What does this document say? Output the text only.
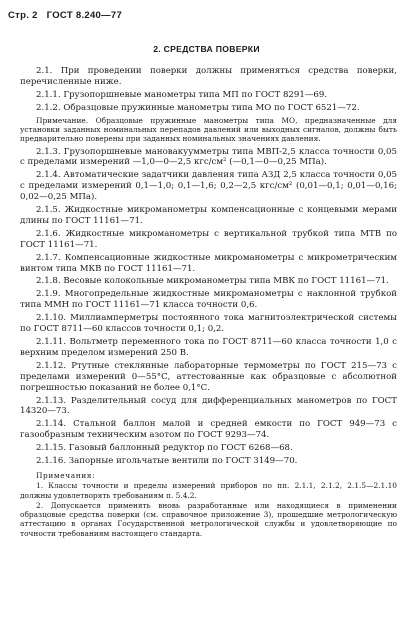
Стр. 2 ГОСТ 8.240—77
2. СРЕДСТВА ПОВЕРКИ

2.1. При проведении поверки должны применяться средства поверки, перечисленные ниже.

2.1.1. Грузопоршневые манометры типа МП по ГОСТ 8291—69.

2.1.2. Образцовые пружинные манометры типа МО по ГОСТ 6521—72.

Примечание. Образцовые пружинные манометры типа МО, предназначенные для установки заданных номинальных перепадов давлений или выходных сигналов, должны быть предварительно поверены при заданных номинальных значениях давления.

2.1.3. Грузопоршневые мановакуумметры типа МВП-2,5 класса точности 0,05 с пределами измерений —1,0—0—2,5 кгс/см² (—0,1—0—0,25 МПа).

2.1.4. Автоматические задатчики давления типа АЗД 2,5 класса точности 0,05 с пределами измерений 0,1—1,0; 0,1—1,6; 0,2—2,5 кгс/см² (0,01—0,1; 0,01—0,16; 0,02—0,25 МПа).

2.1.5. Жидкостные микроманометры компенсационные с концевыми мерами длины по ГОСТ 11161—71.

2.1.6. Жидкостные микроманометры с вертикальной трубкой типа МТВ по ГОСТ 11161—71.

2.1.7. Компенсационные жидкостные микроманометры с микрометрическим винтом типа МКВ по ГОСТ 11161—71.

2.1.8. Весовые колокольные микроманометры типа МВК по ГОСТ 11161—71.

2.1.9. Многопредельные жидкостные микроманометры с наклонной трубкой типа ММН по ГОСТ 11161—71 класса точности 0,6.

2.1.10. Миллиамперметры постоянного тока магнитоэлектрической системы по ГОСТ 8711—60 классов точности 0,1; 0,2.

2.1.11. Вольтметр переменного тока по ГОСТ 8711—60 класса точности 1,0 с верхним пределом измерений 250 В.

2.1.12. Ртутные стеклянные лабораторные термометры по ГОСТ 215—73 с пределами измерений 0—55°С, аттестованные как образцовые с абсолютной погрешностью показаний не более 0,1°С.

2.1.13. Разделительный сосуд для дифференциальных манометров по ГОСТ 14320—73.

2.1.14. Стальной баллон малой и средней емкости по ГОСТ 949—73 с газообразным техническим азотом по ГОСТ 9293—74.

2.1.15. Газовый баллонный редуктор по ГОСТ 6268—68.

2.1.16. Запорные игольчатые вентили по ГОСТ 3149—70.

Примечания:

1. Классы точности и пределы измерений приборов по пп. 2.1.1, 2.1.2, 2.1.5—2.1.10 должны удовлетворять требованиям п. 5.4.2.

2. Допускается применять вновь разработанные или находящиеся в применении образцовые средства поверки (см. справочное приложение 3), прошедшие метрологическую аттестацию в органах Государственной метрологической службы и удовлетворяющие по точности требованиям настоящего стандарта.
